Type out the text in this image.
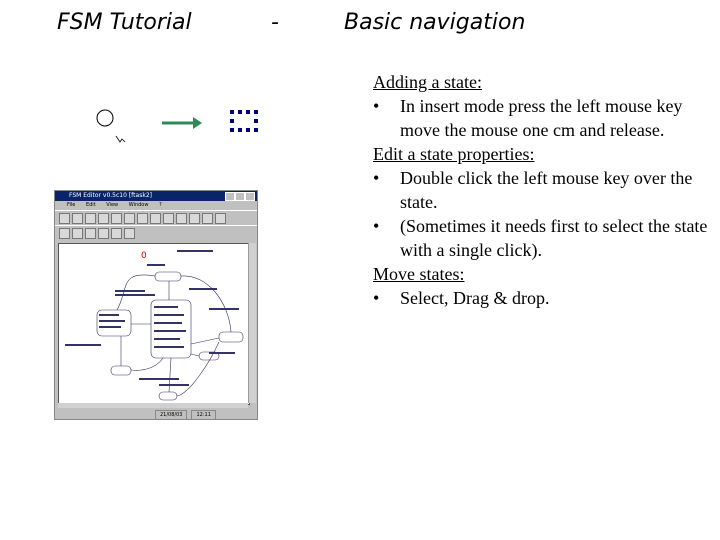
FSM Tutorial	-	Basic navigation
FSM Editor v0.5c10 [ftask2]
File Edit View Window ?
0
21/08/03	12:11
Adding a state:
• In insert mode press the left mouse key move the mouse one cm and release.
Edit a state properties:
• Double click the left mouse key over the state.
• (Sometimes it needs first to select the state with a single click).
Move states:
• Select, Drag & drop.
